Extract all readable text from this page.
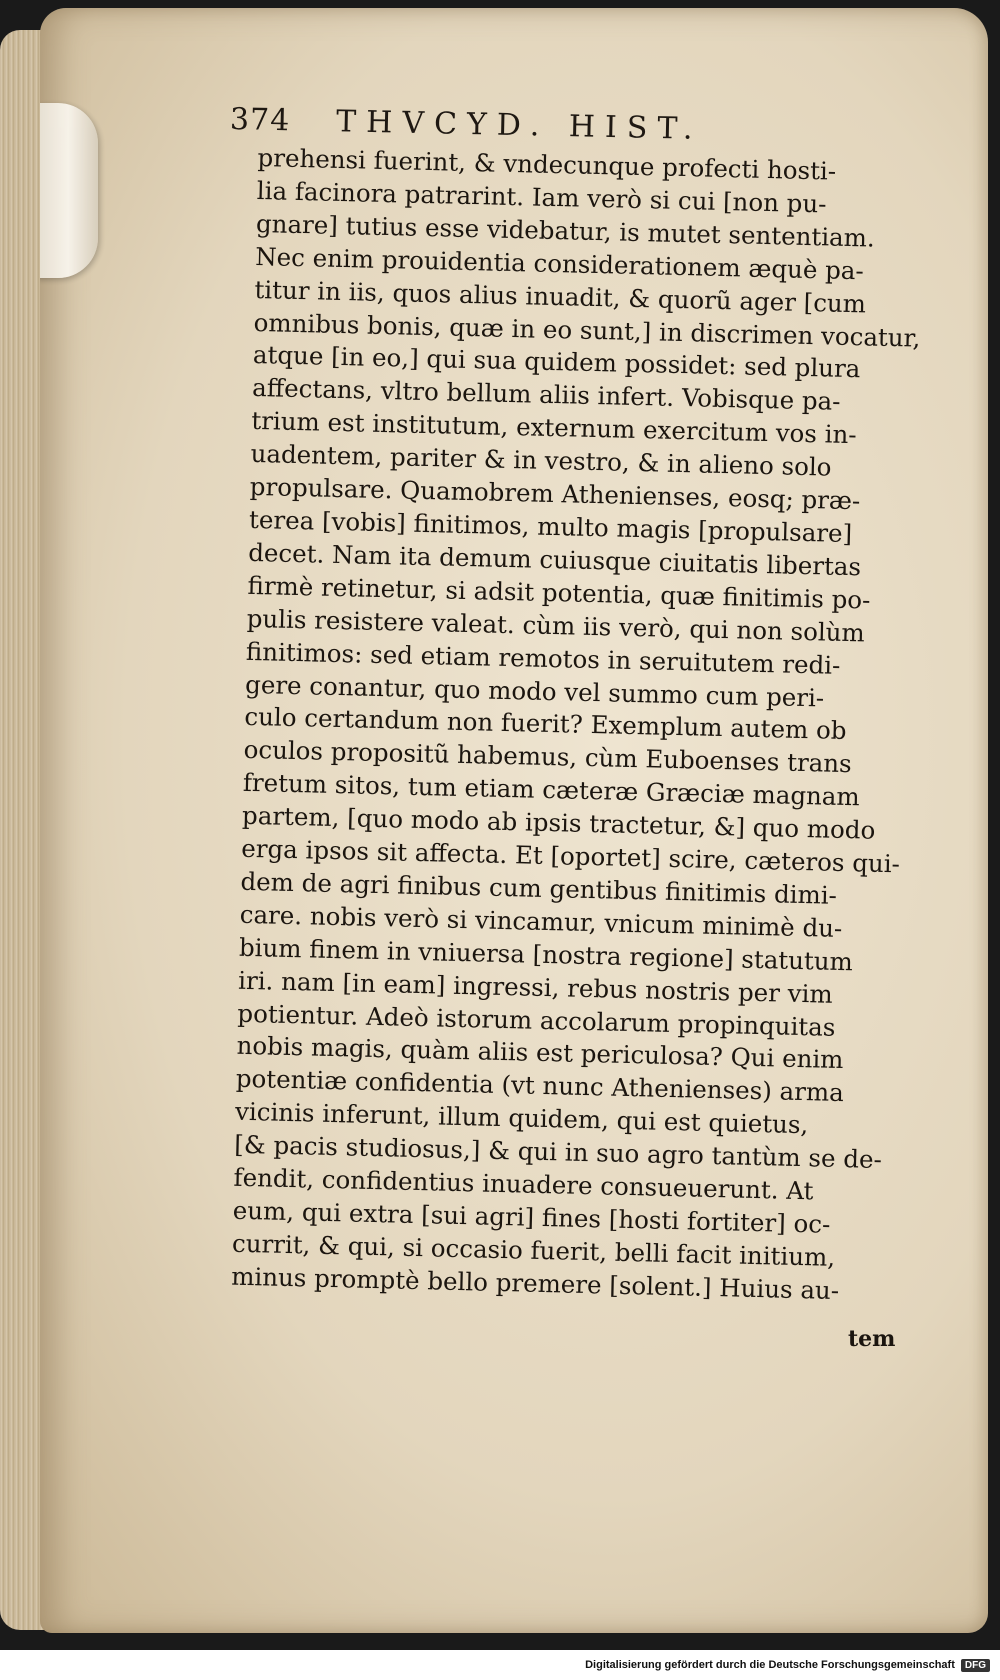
374 THVCYD. HIST.
prehensi fuerint, & vndecunque profecti hosti-
lia facinora patrarint. Iam verò si cui [non pu-
gnare] tutius esse videbatur, is mutet sententiam.
Nec enim prouidentia considerationem æquè pa-
titur in iis, quos alius inuadit, & quorũ ager [cum
omnibus bonis, quæ in eo sunt,] in discrimen vocatur,
atque [in eo,] qui sua quidem possidet: sed plura
affectans, vltro bellum aliis infert. Vobisque pa-
trium est institutum, externum exercitum vos in-
uadentem, pariter & in vestro, & in alieno solo
propulsare. Quamobrem Athenienses, eosq; præ-
terea [vobis] finitimos, multo magis [propulsare]
decet. Nam ita demum cuiusque ciuitatis libertas
firmè retinetur, si adsit potentia, quæ finitimis po-
pulis resistere valeat. cùm iis verò, qui non solùm
finitimos: sed etiam remotos in seruitutem redi-
gere conantur, quo modo vel summo cum peri-
culo certandum non fuerit? Exemplum autem ob
oculos propositũ habemus, cùm Euboenses trans
fretum sitos, tum etiam cæteræ Græciæ magnam
partem, [quo modo ab ipsis tractetur, &] quo modo
erga ipsos sit affecta. Et [oportet] scire, cæteros qui-
dem de agri finibus cum gentibus finitimis dimi-
care. nobis verò si vincamur, vnicum minimè du-
bium finem in vniuersa [nostra regione] statutum
iri. nam [in eam] ingressi, rebus nostris per vim
potientur. Adeò istorum accolarum propinquitas
nobis magis, quàm aliis est periculosa? Qui enim
potentiæ confidentia (vt nunc Athenienses) arma
vicinis inferunt, illum quidem, qui est quietus,
[& pacis studiosus,] & qui in suo agro tantùm se de-
fendit, confidentius inuadere consueuerunt. At
eum, qui extra [sui agri] fines [hosti fortiter] oc-
currit, & qui, si occasio fuerit, belli facit initium,
minus promptè bello premere [solent.] Huius au-
tem
Digitalisierung gefördert durch die Deutsche Forschungsgemeinschaft	DFG
